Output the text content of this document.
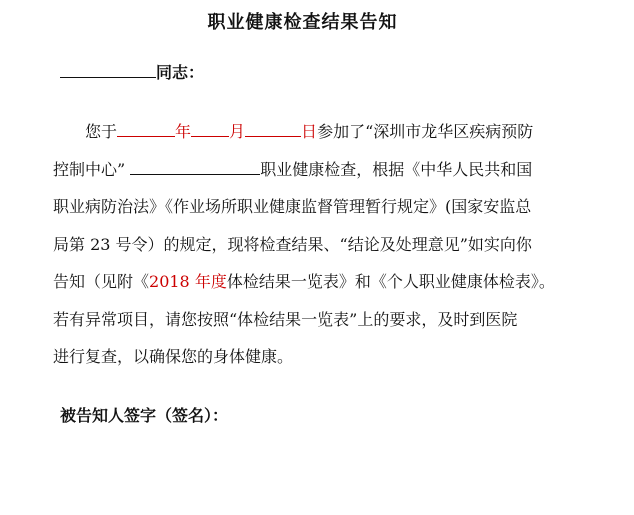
职业健康检查结果告知
同志：
您于	年 月	日参加了“深圳市龙华区疾病预防
控制中心”	职业健康检查，根据《中华人民共和国
职业病防治法》《作业场所职业健康监督管理暂行规定》(国家安监总
局第 23 号令）的规定，现将检查结果、“结论及处理意见”如实向你
告知（见附《2018 年度体检结果一览表》和《个人职业健康体检表》。
若有异常项目，请您按照“体检结果一览表”上的要求，及时到医院
进行复查，以确保您的身体健康。
被告知人签字（签名）：
